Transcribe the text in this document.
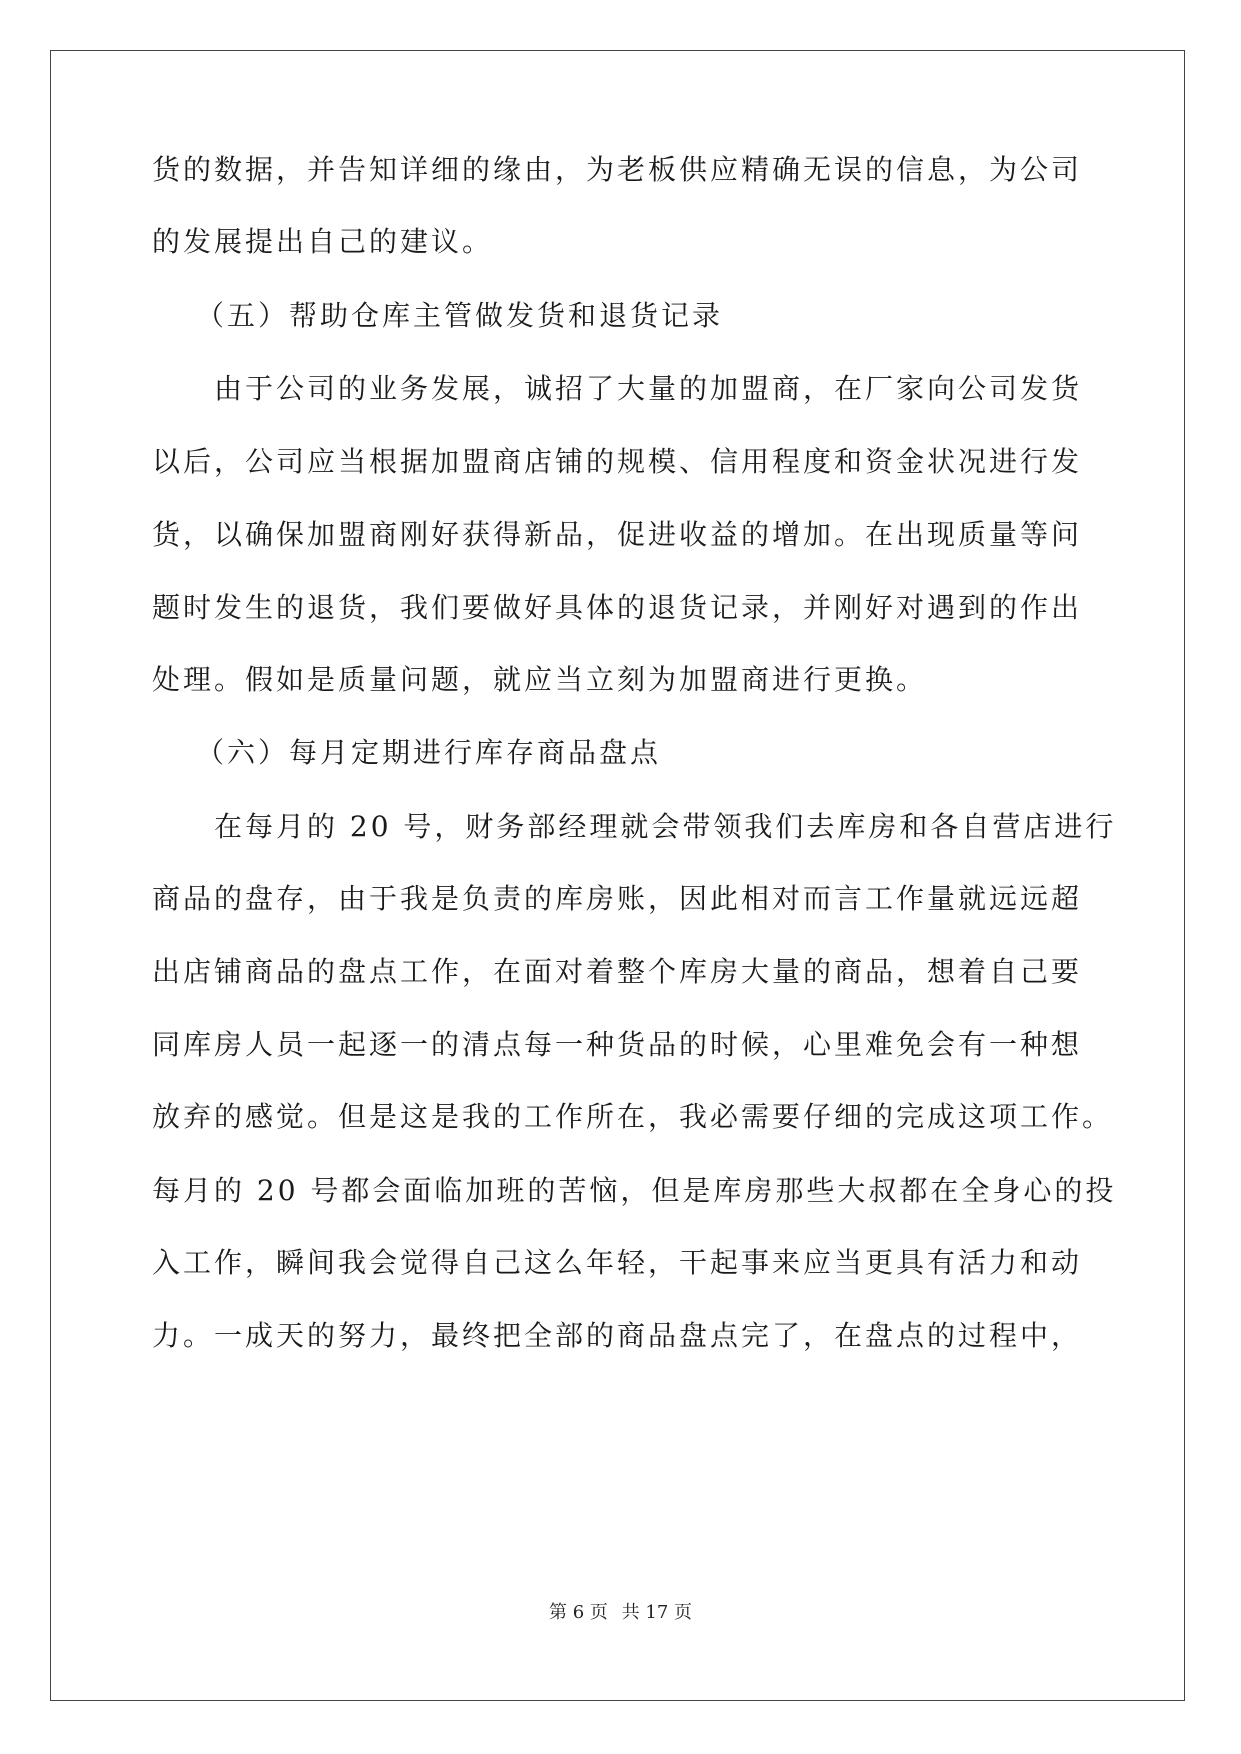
货的数据，并告知详细的缘由，为老板供应精确无误的信息，为公司
的发展提出自己的建议。
（五）帮助仓库主管做发货和退货记录
由于公司的业务发展，诚招了大量的加盟商，在厂家向公司发货
以后，公司应当根据加盟商店铺的规模、信用程度和资金状况进行发
货，以确保加盟商刚好获得新品，促进收益的增加。在出现质量等问
题时发生的退货，我们要做好具体的退货记录，并刚好对遇到的作出
处理。假如是质量问题，就应当立刻为加盟商进行更换。
（六）每月定期进行库存商品盘点
在每月的 20 号，财务部经理就会带领我们去库房和各自营店进行
商品的盘存，由于我是负责的库房账，因此相对而言工作量就远远超
出店铺商品的盘点工作，在面对着整个库房大量的商品，想着自己要
同库房人员一起逐一的清点每一种货品的时候，心里难免会有一种想
放弃的感觉。但是这是我的工作所在，我必需要仔细的完成这项工作。
每月的 20 号都会面临加班的苦恼，但是库房那些大叔都在全身心的投
入工作，瞬间我会觉得自己这么年轻，干起事来应当更具有活力和动
力。一成天的努力，最终把全部的商品盘点完了，在盘点的过程中，
第 6 页 共 17 页
